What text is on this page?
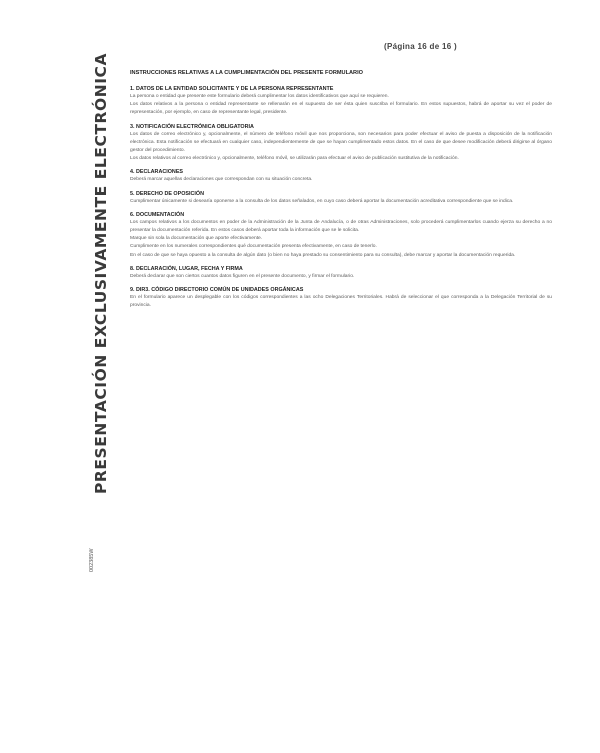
(Página 16 de 16 )
PRESENTACIÓN EXCLUSIVAMENTE ELECTRÓNICA
002385W
INSTRUCCIONES RELATIVAS A LA CUMPLIMENTACIÓN DEL PRESENTE FORMULARIO
1. DATOS DE LA ENTIDAD SOLICITANTE Y DE LA PERSONA REPRESENTANTE
La persona o entidad que presente este formulario deberá cumplimentar los datos identificativos que aquí se requieren.
Los datos relativos a la persona o entidad representante se rellenarán en el supuesto de ser ésta quien suscriba el formulario. En estos supuestos, habrá de aportar su vez el poder de representación, por ejemplo, en caso de representante legal, presidente.
3. NOTIFICACIÓN ELECTRÓNICA OBLIGATORIA
Los datos de correo electrónico y, opcionalmente, el número de teléfono móvil que nos proporciona, son necesarios para poder efectuar el aviso de puesta a disposición de la notificación electrónica. Esta notificación se efectuará en cualquier caso, independientemente de que se hayan cumplimentado estos datos. En el caso de que desee modificación deberá dirigirse al órgano gestor del procedimiento.
Los datos relativos al correo electrónico y, opcionalmente, teléfono móvil, se utilizarán para efectuar el aviso de publicación sustitutiva de la notificación.
4. DECLARACIONES
Deberá marcar aquellas declaraciones que correspondan con su situación concreta.
5. DERECHO DE OPOSICIÓN
Cumplimentar únicamente si desearía oponerse a la consulta de los datos señalados, en cuyo caso deberá aportar la documentación acreditativa correspondiente que se indica.
6. DOCUMENTACIÓN
Los campos relativos a los documentos en poder de la Administración de la Junta de Andalucía, o de otras Administraciones, solo procederá cumplimentarlos cuando ejerza su derecho a no presentar la documentación referida. En estos casos deberá aportar toda la información que se le solicita.
Marque sin sola la documentación que aporte efectivamente.
Cumplimente en los numerales correspondientes qué documentación presenta efectivamente, en caso de tenerlo.
En el caso de que se haya opuesto a la consulta de algún dato (o bien no haya prestado su consentimiento para su consulta), debe marcar y aportar la documentación requerida.
8. DECLARACIÓN, LUGAR, FECHA Y FIRMA
Deberá declarar que son ciertos cuantos datos figuren en el presente documento, y firmar el formulario.
9. DIR3. CÓDIGO DIRECTORIO COMÚN DE UNIDADES ORGÁNICAS
En el formulario aparece un desplegable con los códigos correspondientes a las ocho Delegaciones Territoriales. Habrá de seleccionar el que corresponda a la Delegación Territorial de su provincia.
